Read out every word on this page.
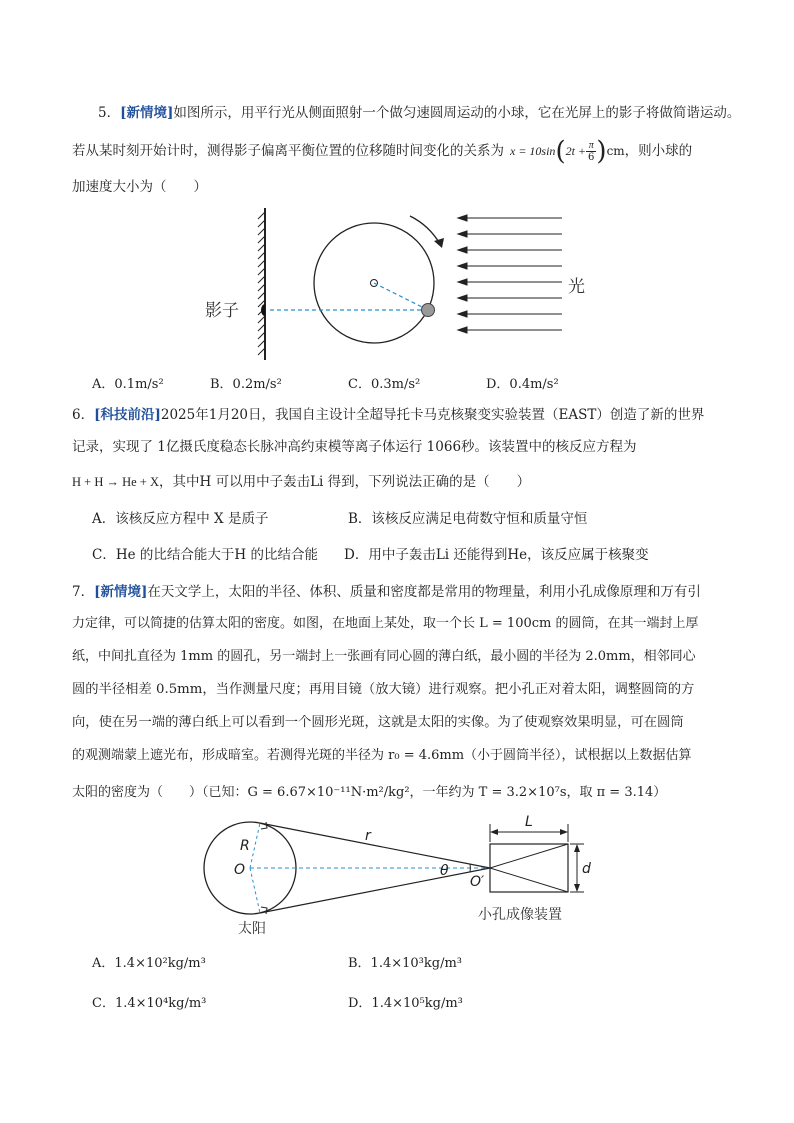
5．[新情境]如图所示，用平行光从侧面照射一个做匀速圆周运动的小球，它在光屏上的影子将做简谐运动。
若从某时刻开始计时，测得影子偏离平衡位置的位移随时间变化的关系为 $x = 10\sin(2t + \frac{\pi}{6} )cm$，则小球的
加速度大小为（　　）
影子
光
A．0.1m/s²	B．0.2m/s²	C．0.3m/s²	D．0.4m/s²
6．[科技前沿]2025年1月20日，我国自主设计全超导托卡马克核聚变实验装置（EAST）创造了新的世界
记录，实现了 1亿摄氏度稳态长脉冲高约束模等离子体运行 1066秒。该装置中的核反应方程为
H + H → He + X，其中H 可以用中子轰击Li 得到，下列说法正确的是（　　）
A．该核反应方程中 X 是质子	B．该核反应满足电荷数守恒和质量守恒
C．He 的比结合能大于H 的比结合能 D．用中子轰击Li 还能得到He，该反应属于核聚变
7．[新情境]在天文学上，太阳的半径、体积、质量和密度都是常用的物理量，利用小孔成像原理和万有引
力定律，可以简捷的估算太阳的密度。如图，在地面上某处，取一个长 L = 100cm 的圆筒，在其一端封上厚
纸，中间扎直径为 1mm 的圆孔，另一端封上一张画有同心圆的薄白纸，最小圆的半径为 2.0mm，相邻同心
圆的半径相差 0.5mm，当作测量尺度；再用目镜（放大镜）进行观察。把小孔正对着太阳，调整圆筒的方
向，使在另一端的薄白纸上可以看到一个圆形光斑，这就是太阳的实像。为了使观察效果明显，可在圆筒
的观测端蒙上遮光布，形成暗室。若测得光斑的半径为 r₀ = 4.6mm（小于圆筒半径），试根据以上数据估算
太阳的密度为（　　）（已知：G = 6.67×10⁻¹¹N·m²/kg²，一年约为 T = 3.2×10⁷s，取 π = 3.14）
R
O
r
θ
O′
L
d
太阳
小孔成像装置
A．1.4×10²kg/m³	B．1.4×10³kg/m³
C．1.4×10⁴kg/m³	D．1.4×10⁵kg/m³
